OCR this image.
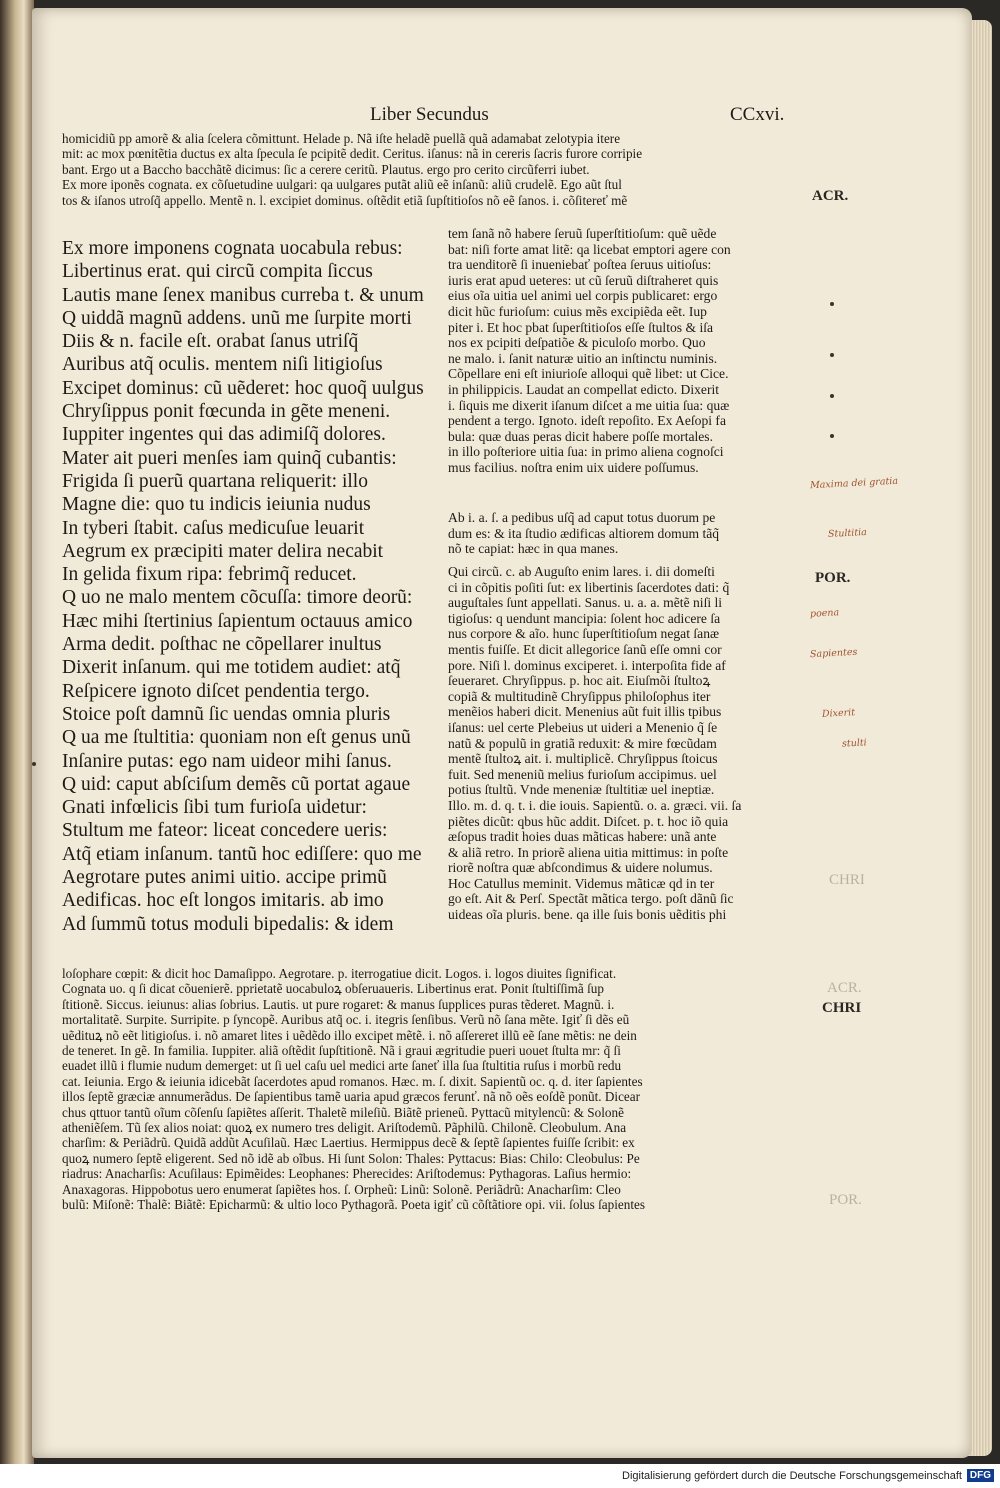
Liber Secundus	CCxvi.
homicidiũ pp amorẽ & alia ſcelera cõmittunt. Helade p. Nã iſte heladẽ puellã quã adamabat zelotypia itere
mit: ac mox pœnitẽtia ductus ex alta ſpecula ſe pcipitẽ dedit. Ceritus. iſanus: nã in cereris ſacris furore corripie
bant. Ergo ut a Baccho bacchãtẽ dicimus: ſic a cerere ceritũ. Plautus. ergo pro cerito circũferri iubet.
Ex more iponẽs cognata. ex cõſuetudine uulgari: qa uulgares putãt aliũ eẽ inſanũ: aliũ crudelẽ. Ego aũt ſtul
tos & iſanos utroſq̃ appello. Mentẽ n. l. excipiet dominus. oſtẽdit etiã ſupſtitioſos nõ eẽ ſanos. i. cõſitereť mẽ
Ex more imponens cognata uocabula rebus:
Libertinus erat. qui circũ compita ſiccus
Lautis mane ſenex manibus curreba t. & unum
Q uiddã magnũ addens. unũ me ſurpite morti
Diis & n. facile eſt. orabat ſanus utriſq̃
Auribus atq̃ oculis. mentem niſi litigioſus
Excipet dominus: cũ uẽderet: hoc quoq̃ uulgus
Chryſippus ponit fœcunda in gẽte meneni.
Iuppiter ingentes qui das adimiſq̃ dolores.
Mater ait pueri menſes iam quinq̃ cubantis:
Frigida ſi puerũ quartana reliquerit: illo
Magne die: quo tu indicis ieiunia nudus
In tyberi ſtabit. caſus medicuſue leuarit
Aegrum ex præcipiti mater delira necabit
In gelida fixum ripa: febrimq̃ reducet.
Q uo ne malo mentem cõcuſſa: timore deorũ:
Hæc mihi ſtertinius ſapientum octauus amico
Arma dedit. poſthac ne cõpellarer inultus
Dixerit inſanum. qui me totidem audiet: atq̃
Reſpicere ignoto diſcet pendentia tergo.
Stoice poſt damnũ ſic uendas omnia pluris
Q ua me ſtultitia: quoniam non eſt genus unũ
Inſanire putas: ego nam uideor mihi ſanus.
Q uid: caput abſciſum demẽs cũ portat agaue
Gnati infœlicis ſibi tum furioſa uidetur:
Stultum me fateor: liceat concedere ueris:
Atq̃ etiam inſanum. tantũ hoc ediſſere: quo me
Aegrotare putes animi uitio. accipe primũ
Aedificas. hoc eſt longos imitaris. ab imo
Ad ſummũ totus moduli bipedalis: & idem
tem ſanã nõ habere ſeruũ ſuperſtitioſum: quẽ uẽde
bat: niſi forte amat litẽ: qa licebat emptori agere con
tra uenditorẽ ſi inueniebať poſtea ſeruus uitioſus:
iuris erat apud ueteres: ut cũ ſeruũ diſtraheret quis
eius oĩa uitia uel animi uel corpis publicaret: ergo
dicit hũc furioſum: cuius mẽs excipiẽda eẽt. Iup
piter i. Et hoc pbat ſuperſtitioſos eſſe ſtultos & iſa
nos ex pcipiti deſpatiõe & piculoſo morbo. Quo
ne malo. i. ſanit naturæ uitio an inſtinctu numinis.
Cõpellare eni eſt iniurioſe alloqui quẽ libet: ut Cice.
in philippicis. Laudat an compellat edicto. Dixerit
i. ſiquis me dixerit iſanum diſcet a me uitia ſua: quæ
pendent a tergo. Ignoto. ideſt repoſito. Ex Aeſopi fa
bula: quæ duas peras dicit habere poſſe mortales.
in illo poſteriore uitia ſua: in primo aliena cognoſci
mus facilius. noſtra enim uix uidere poſſumus.
Ab i. a. ſ. a pedibus uſq̃ ad caput totus duorum pe
dum es: & ita ſtudio ædificas altiorem domum tãq̃
nõ te capiat: hæc in qua manes.
Qui circũ. c. ab Auguſto enim lares. i. dii domeſti
ci in cõpitis poſiti ſut: ex libertinis ſacerdotes dati: q̃
auguſtales ſunt appellati. Sanus. u. a. a. mẽtẽ niſi li
tigioſus: q uendunt mancipia: ſolent hoc adicere ſa
nus corpore & aĩo. hunc ſuperſtitioſum negat ſanæ
mentis fuiſſe. Et dicit allegorice ſanũ eſſe omni cor
pore. Niſi l. dominus exciperet. i. interpoſita fide af
ſeueraret. Chryſippus. p. hoc ait. Eiuſmõi ſtultoꝝ
copiã & multitudinẽ Chryſippus philoſophus iter
menẽios haberi dicit. Menenius aũt fuit illis tpibus
iſanus: uel certe Plebeius ut uideri a Menenio q̃ ſe
natũ & populũ in gratiã reduxit: & mire fœcũdam
mentẽ ſtultoꝝ ait. i. multiplicẽ. Chryſippus ſtoicus
fuit. Sed meneniũ melius furioſum accipimus. uel
potius ſtultũ. Vnde meneniæ ſtultitiæ uel ineptiæ.
Illo. m. d. q. t. i. die iouis. Sapientũ. o. a. græci. vii. ſa
piẽtes dicũt: qbus hũc addit. Diſcet. p. t. hoc iõ quia
æſopus tradit hoies duas mãticas habere: unã ante
& aliã retro. In priorẽ aliena uitia mittimus: in poſte
riorẽ noſtra quæ abſcondimus & uidere nolumus.
Hoc Catullus meminit. Videmus mãticæ qd in ter
go eſt. Ait & Perſ. Spectãt mãtica tergo. poſt dãnũ ſic
uideas oĩa pluris. bene. qa ille ſuis bonis uẽditis phi
loſophare cœpit: & dicit hoc Damaſippo. Aegrotare. p. iterrogatiue dicit. Logos. i. logos diuites ſignificat.
Cognata uo. q ſi dicat cõuenierẽ. pprietatẽ uocabuloꝝ obſeruaueris. Libertinus erat. Ponit ſtultiſſimã ſup
ſtitionẽ. Siccus. ieiunus: alias ſobrius. Lautis. ut pure rogaret: & manus ſupplices puras tẽderet. Magnũ. i.
mortalitatẽ. Surpite. Surripite. p ſyncopẽ. Auribus atq̃ oc. i. itegris ſenſibus. Verũ nõ ſana mẽte. Igiť ſi dẽs eũ
uẽdituꝝ nõ eẽt litigioſus. i. nõ amaret lites i uẽdẽdo illo excipet mẽtẽ. i. nõ aſſereret illũ eẽ ſane mẽtis: ne dein
de teneret. In gẽ. In familia. Iuppiter. aliã oſtẽdit ſupſtitionẽ. Nã i graui ægritudie pueri uouet ſtulta mr: q̃ ſi
euadet illũ i flumie nudum demerget: ut ſi uel caſu uel medici arte ſaneť illa ſua ſtultitia ruſus i morbũ redu
cat. Ieiunia. Ergo & ieiunia idicebãt ſacerdotes apud romanos. Hæc. m. ſ. dixit. Sapientũ oc. q. d. iter ſapientes
illos ſeptẽ græciæ annumerãdus. De ſapientibus tamẽ uaria apud græcos ferunť. nã nõ oẽs eoſdẽ ponũt. Dicear
chus qttuor tantũ oĩum cõſenſu ſapiẽtes aſſerit. Thaletẽ mileſiũ. Biãtẽ prieneũ. Pyttacũ mitylencũ: & Solonẽ
atheniẽſem. Tũ ſex alios noiat: quoꝝ ex numero tres deligit. Ariſtodemũ. Pãphilũ. Chilonẽ. Cleobulum. Ana
charſim: & Periãdrũ. Quidã addũt Acuſilaũ. Hæc Laertius. Hermippus decẽ & ſeptẽ ſapientes fuiſſe ſcribit: ex
quoꝝ numero ſeptẽ eligerent. Sed nõ idẽ ab oĩbus. Hi ſunt Solon: Thales: Pyttacus: Bias: Chilo: Cleobulus: Pe
riadrus: Anacharſis: Acuſilaus: Epimẽides: Leophanes: Pherecides: Ariſtodemus: Pythagoras. Laſius hermio:
Anaxagoras. Hippobotus uero enumerat ſapiẽtes hos. ſ. Orpheũ: Linũ: Solonẽ. Periãdrũ: Anacharſim: Cleo
bulũ: Miſonẽ: Thalẽ: Biãtẽ: Epicharmũ: & ultio loco Pythagorã. Poeta igiť cũ cõſtãtiore opi. vii. ſolus ſapientes
ACR.
POR.
CHRI
ACR.
CHRI
POR.
Maxima dei gratia
Stultitia
poena
Sapientes
Dixerit
stulti
Digitalisierung gefördert durch die Deutsche Forschungsgemeinschaft DFG
